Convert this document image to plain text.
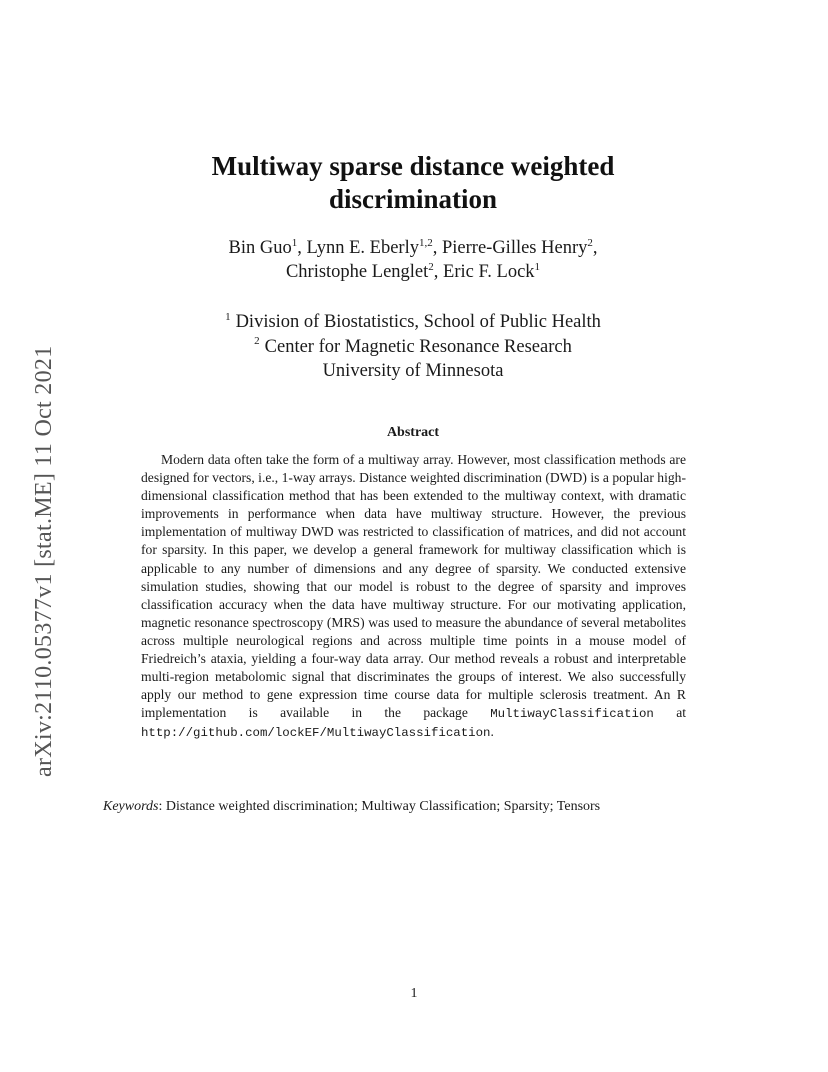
arXiv:2110.05377v1 [stat.ME] 11 Oct 2021
Multiway sparse distance weighted discrimination
Bin Guo$^1$, Lynn E. Eberly$^{1,2}$, Pierre-Gilles Henry$^2$,
Christophe Lenglet$^2$, Eric F. Lock$^1$
$^1$ Division of Biostatistics, School of Public Health
$^2$ Center for Magnetic Resonance Research
University of Minnesota
Abstract

Modern data often take the form of a multiway array. However, most classification methods are designed for vectors, i.e., 1-way arrays. Distance weighted discrimination (DWD) is a popular high-dimensional classification method that has been extended to the multiway context, with dramatic improvements in performance when data have multiway structure. However, the previous implementation of multiway DWD was restricted to classification of matrices, and did not account for sparsity. In this paper, we develop a general framework for multiway classification which is applicable to any number of dimensions and any degree of sparsity. We conducted extensive simulation studies, showing that our model is robust to the degree of sparsity and improves classification accuracy when the data have multiway structure. For our motivating application, magnetic resonance spectroscopy (MRS) was used to measure the abundance of several metabolites across multiple neurological regions and across multiple time points in a mouse model of Friedreich’s ataxia, yielding a four-way data array. Our method reveals a robust and interpretable multi-region metabolomic signal that discriminates the groups of interest. We also successfully apply our method to gene expression time course data for multiple sclerosis treatment. An R implementation is available in the package MultiwayClassification at http://github.com/lockEF/MultiwayClassification.

Keywords: Distance weighted discrimination; Multiway Classification; Sparsity; Tensors
1
